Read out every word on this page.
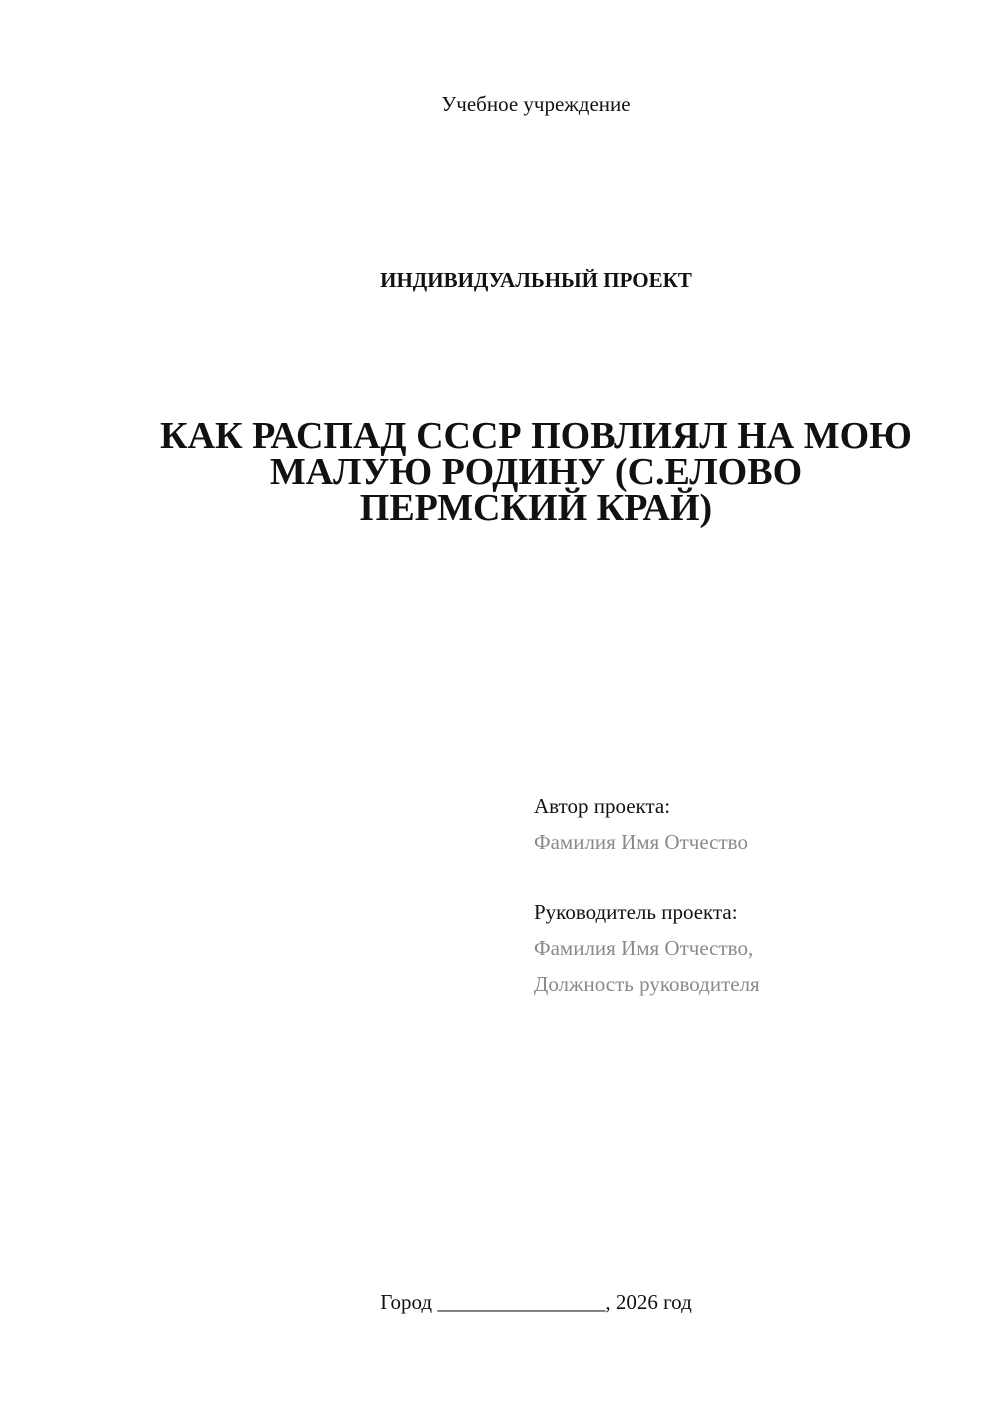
Учебное учреждение
ИНДИВИДУАЛЬНЫЙ ПРОЕКТ
КАК РАСПАД СССР ПОВЛИЯЛ НА МОЮ
МАЛУЮ РОДИНУ (С.ЕЛОВО
ПЕРМСКИЙ КРАЙ)
Автор проекта:
Фамилия Имя Отчество
Руководитель проекта:
Фамилия Имя Отчество,
Должность руководителя
Город ________________, 2026 год
